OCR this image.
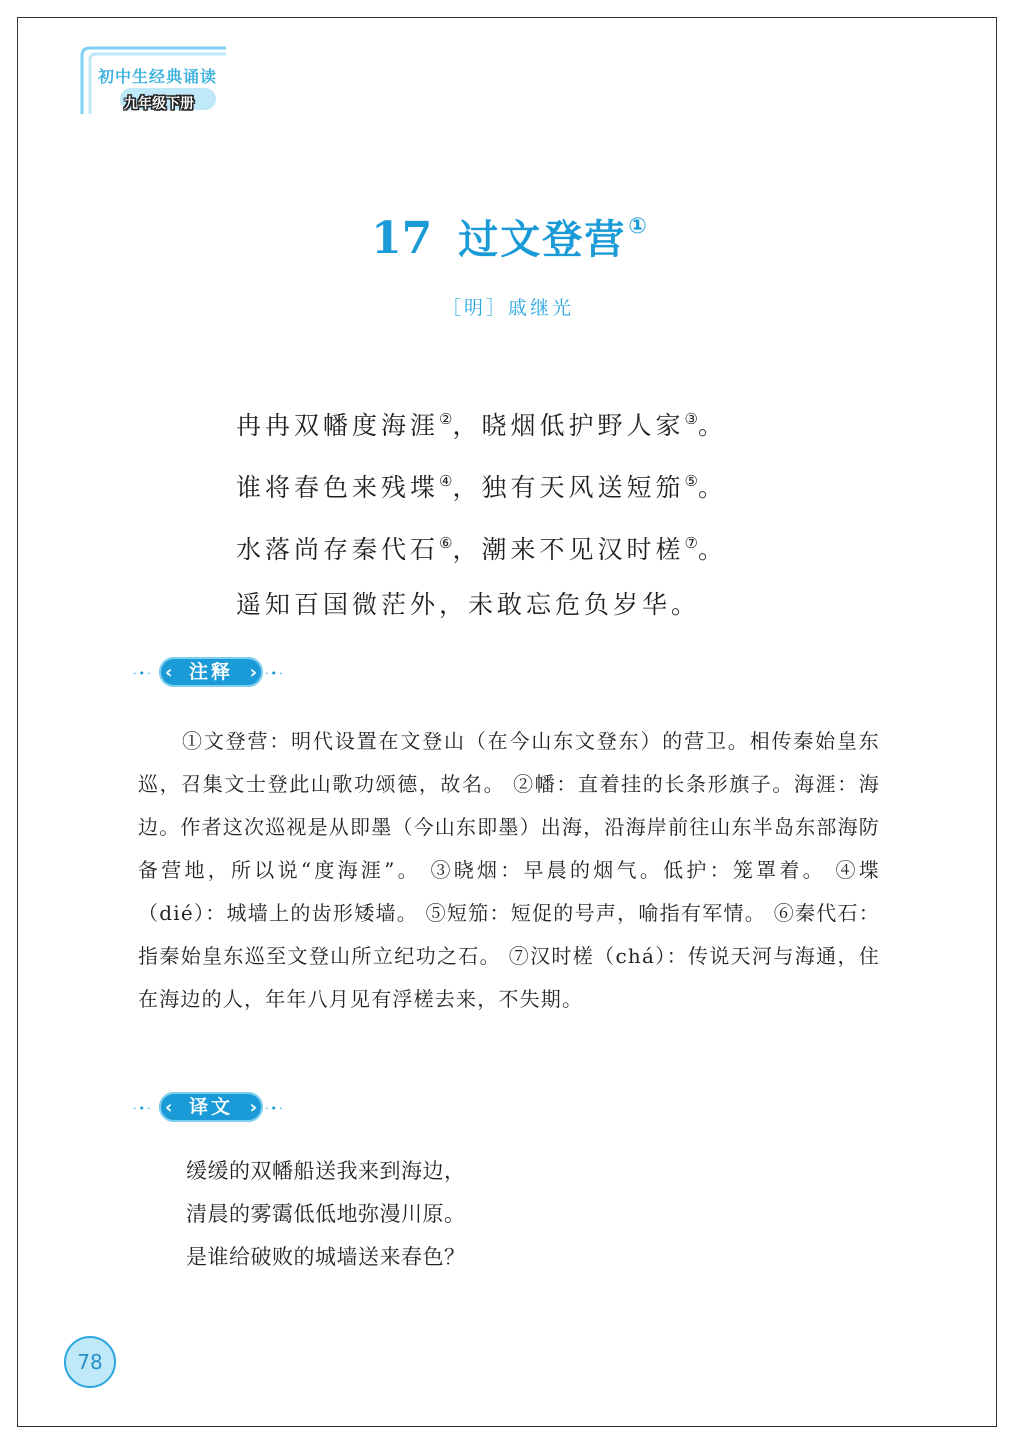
初中生经典诵读
九年级下册
17 过文登营①
［明］戚继光
冉冉双幡度海涯②，晓烟低护野人家③。
谁将春色来残堞④，独有天风送短笳⑤。
水落尚存秦代石⑥，潮来不见汉时槎⑦。
遥知百国微茫外，未敢忘危负岁华。
·•· ‹ 注释 › ·•·
①文登营：明代设置在文登山（在今山东文登东）的营卫。相传秦始皇东巡，召集文士登此山歌功颂德，故名。 ②幡：直着挂的长条形旗子。海涯：海边。作者这次巡视是从即墨（今山东即墨）出海，沿海岸前往山东半岛东部海防备营地，所以说“度海涯”。 ③晓烟：早晨的烟气。低护：笼罩着。 ④堞（dié）：城墙上的齿形矮墙。 ⑤短笳：短促的号声，喻指有军情。 ⑥秦代石：指秦始皇东巡至文登山所立纪功之石。 ⑦汉时槎（chá）：传说天河与海通，住在海边的人，年年八月见有浮槎去来，不失期。
·•· ‹ 译文 › ·•·
缓缓的双幡船送我来到海边，
清晨的雾霭低低地弥漫川原。
是谁给破败的城墙送来春色？
78
